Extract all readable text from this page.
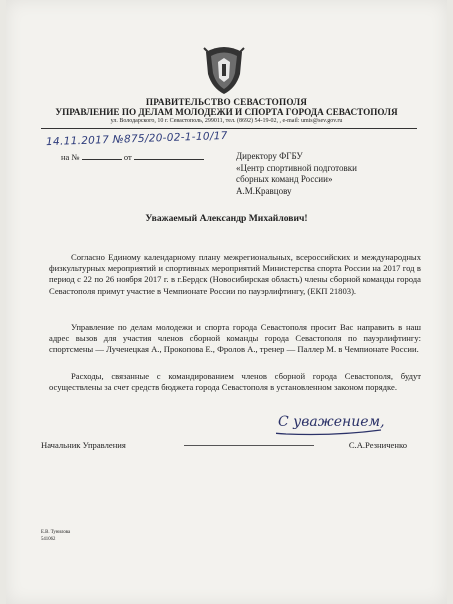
ПРАВИТЕЛЬСТВО СЕВАСТОПОЛЯ
УПРАВЛЕНИЕ ПО ДЕЛАМ МОЛОДЕЖИ И СПОРТА ГОРОДА СЕВАСТОПОЛЯ
ул. Володарского, 10 г. Севастополь, 299011, тел. (8692) 54-19-02, , e-mail: umis@sev.gov.ru
14.11.2017 №875/20-02-1-10/17
на №	от	Директору ФГБУ
«Центр спортивной подготовки
сборных команд России»
А.М.Кравцову
Уважаемый Александр Михайлович!
Согласно Единому календарному плану межрегиональных, всероссийских и международных физкультурных мероприятий и спортивных мероприятий Министерства спорта России на 2017 год в период с 22 по 26 ноября 2017 г. в г.Бердск (Новосибирская область) члены сборной команды города Севастополя примут участие в Чемпионате России по пауэрлифтингу, (ЕКП 21803).
Управление по делам молодежи и спорта города Севастополя просит Вас направить в наш адрес вызов для участия членов сборной команды города Севастополя по пауэрлифтингу: спортсмены — Лученецкая А., Прокопова Е., Фролов А., тренер — Паллер М. в Чемпионате России.
Расходы, связанные с командированием членов сборной города Севастополя, будут осуществлены за счет средств бюджета города Севастополя в установленном законом порядке.
С уважением,
Начальник Управления	С.А.Резниченко
Е.В. Тунилова
541062
